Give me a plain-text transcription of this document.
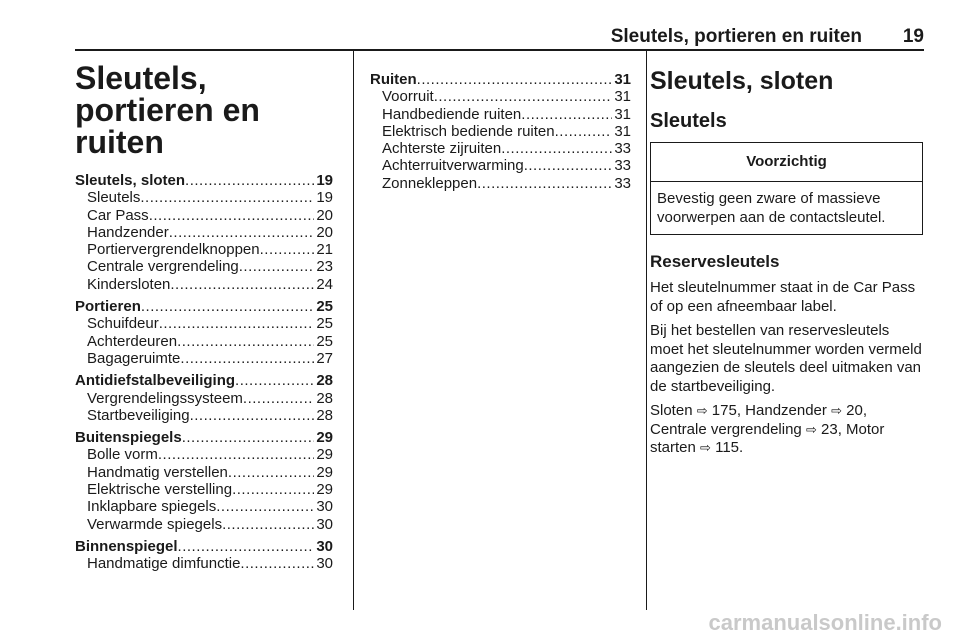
Sleutels, portieren en ruiten 19
Sleutels, portieren en ruiten
Sleutels, sloten .....	19
Sleutels .....	19
Car Pass .....	20
Handzender .....	20
Portiervergrendelknoppen .....	21
Centrale vergrendeling .....	23
Kindersloten .....	24
Portieren .....	25
Schuifdeur .....	25
Achterdeuren .....	25
Bagageruimte .....	27
Antidiefstalbeveiliging .....	28
Vergrendelingssysteem .....	28
Startbeveiliging .....	28
Buitenspiegels .....	29
Bolle vorm .....	29
Handmatig verstellen .....	29
Elektrische verstelling .....	29
Inklapbare spiegels .....	30
Verwarmde spiegels .....	30
Binnenspiegel .....	30
Handmatige dimfunctie .....	30
Ruiten .....	31
Voorruit .....	31
Handbediende ruiten .....	31
Elektrisch bediende ruiten .....	31
Achterste zijruiten .....	33
Achterruitverwarming .....	33
Zonnekleppen .....	33
Sleutels, sloten
Sleutels
Voorzichtig
Bevestig geen zware of massieve voorwerpen aan de contactsleutel.
Reservesleutels

Het sleutelnummer staat in de Car Pass of op een afneembaar label.

Bij het bestellen van reservesleutels moet het sleutelnummer worden vermeld aangezien de sleutels deel uitmaken van de startbeveiliging.

Sloten ⇨ 175, Handzender ⇨ 20, Centrale vergrendeling ⇨ 23, Motor starten ⇨ 115.

carmanualsonline.info
